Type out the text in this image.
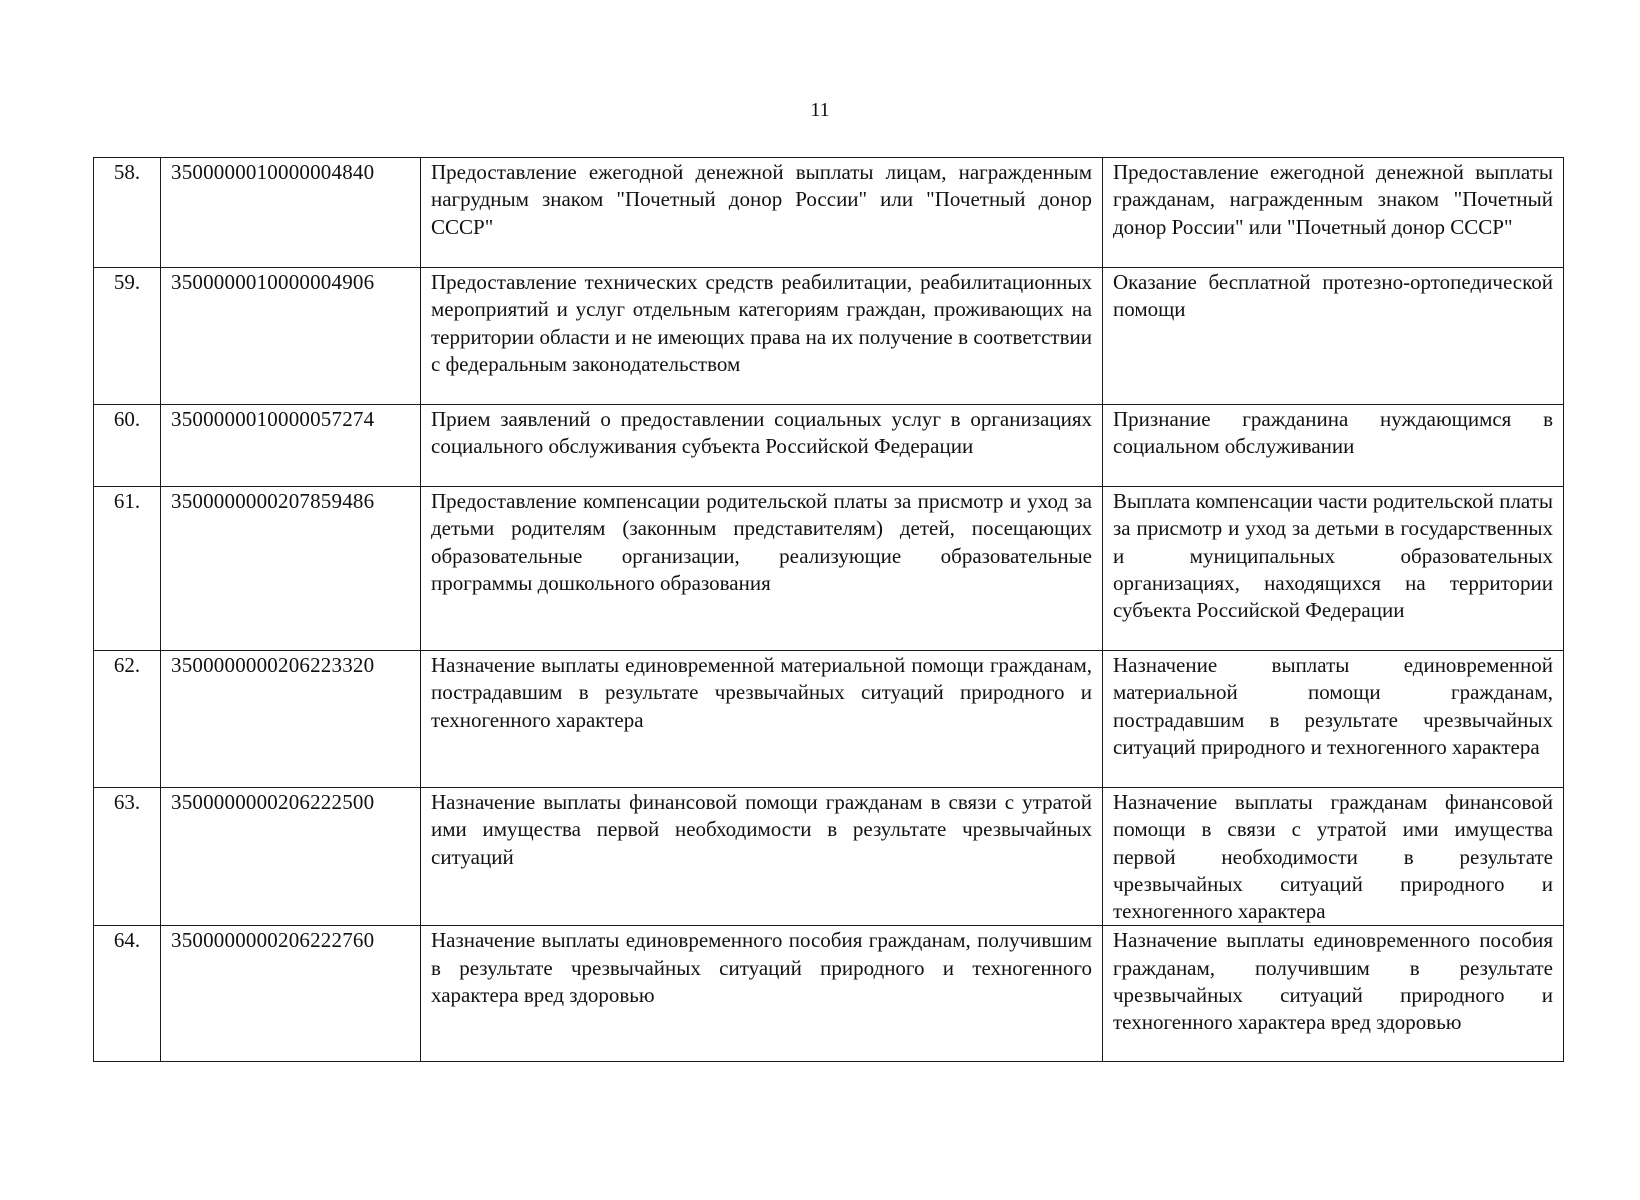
11
58.	3500000010000004840	Предоставление ежегодной денежной выплаты лицам, награжденным нагрудным знаком "Почетный донор России" или "Почетный донор СССР"	Предоставление ежегодной денежной выплаты гражданам, награжденным знаком "Почетный донор России" или "Почетный донор СССР"
59.	3500000010000004906	Предоставление технических средств реабилитации, реабилитационных мероприятий и услуг отдельным категориям граждан, проживающих на территории области и не имеющих права на их получение в соответствии с федеральным законодательством	Оказание бесплатной протезно-ортопедической помощи
60.	3500000010000057274	Прием заявлений о предоставлении социальных услуг в организациях социального обслуживания субъекта Российской Федерации	Признание гражданина нуждающимся в социальном обслуживании
61.	3500000000207859486	Предоставление компенсации родительской платы за присмотр и уход за детьми родителям (законным представителям) детей, посещающих образовательные организации, реализующие образовательные программы дошкольного образования	Выплата компенсации части родительской платы за присмотр и уход за детьми в государственных и муниципальных образовательных организациях, находящихся на территории субъекта Российской Федерации
62.	3500000000206223320	Назначение выплаты единовременной материальной помощи гражданам, пострадавшим в результате чрезвычайных ситуаций природного и техногенного характера	Назначение выплаты единовременной материальной помощи гражданам, пострадавшим в результате чрезвычайных ситуаций природного и техногенного характера
63.	3500000000206222500	Назначение выплаты финансовой помощи гражданам в связи с утратой ими имущества первой необходимости в результате чрезвычайных ситуаций	Назначение выплаты гражданам финансовой помощи в связи с утратой ими имущества первой необходимости в результате чрезвычайных ситуаций природного и техногенного характера
64.	3500000000206222760	Назначение выплаты единовременного пособия гражданам, получившим в результате чрезвычайных ситуаций природного и техногенного характера вред здоровью	Назначение выплаты единовременного пособия гражданам, получившим в результате чрезвычайных ситуаций природного и техногенного характера вред здоровью
